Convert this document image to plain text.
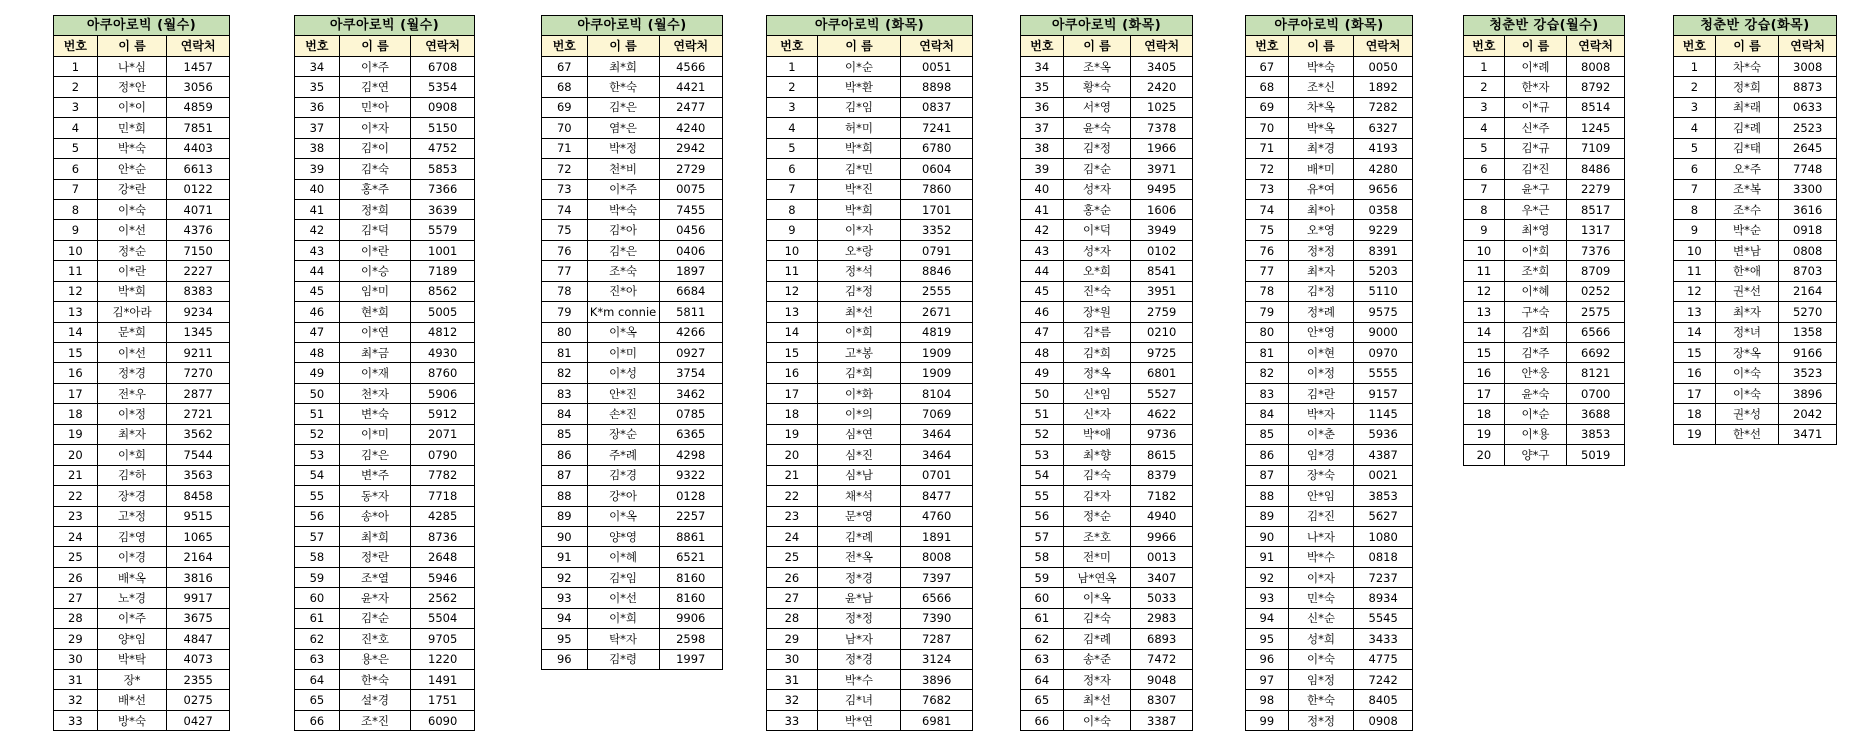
아쿠아로빅 (월수)		
번호	이 름	연락처
1	나*심	1457
2	정*안	3056
3	이*이	4859
4	민*희	7851
5	박*숙	4403
6	안*순	6613
7	강*란	0122
8	이*숙	4071
9	이*선	4376
10	정*순	7150
11	이*란	2227
12	박*희	8383
13	김*아라	9234
14	문*희	1345
15	이*선	9211
16	정*경	7270
17	전*우	2877
18	이*정	2721
19	최*자	3562
20	이*희	7544
21	김*하	3563
22	장*경	8458
23	고*정	9515
24	김*영	1065
25	이*경	2164
26	배*옥	3816
27	노*경	9917
28	이*주	3675
29	양*임	4847
30	박*탁	4073
31	장*	2355
32	배*선	0275
33	방*숙	0427
아쿠아로빅 (월수)		
번호	이 름	연락처
34	이*주	6708
35	김*연	5354
36	민*아	0908
37	이*자	5150
38	김*이	4752
39	김*숙	5853
40	홍*주	7366
41	정*희	3639
42	김*덕	5579
43	이*란	1001
44	이*승	7189
45	임*미	8562
46	현*희	5005
47	이*연	4812
48	최*금	4930
49	이*재	8760
50	천*자	5906
51	변*숙	5912
52	이*미	2071
53	김*은	0790
54	변*주	7782
55	동*자	7718
56	송*아	4285
57	최*희	8736
58	정*란	2648
59	조*열	5946
60	윤*자	2562
61	김*순	5504
62	진*호	9705
63	용*은	1220
64	한*숙	1491
65	설*경	1751
66	조*진	6090
아쿠아로빅 (월수)		
번호	이 름	연락처
67	최*희	4566
68	한*숙	4421
69	김*은	2477
70	염*은	4240
71	박*정	2942
72	천*비	2729
73	이*주	0075
74	박*숙	7455
75	김*아	0456
76	김*은	0406
77	조*숙	1897
78	진*아	6684
79	K*m connie	5811
80	이*옥	4266
81	이*미	0927
82	이*성	3754
83	안*진	3462
84	손*진	0785
85	장*순	6365
86	주*례	4298
87	김*경	9322
88	강*아	0128
89	이*옥	2257
90	양*영	8861
91	이*혜	6521
92	김*임	8160
93	이*선	8160
94	이*희	9906
95	탁*자	2598
96	김*령	1997
아쿠아로빅 (화목)		
번호	이 름	연락처
1	이*순	0051
2	박*환	8898
3	김*임	0837
4	허*미	7241
5	박*희	6780
6	김*민	0604
7	박*진	7860
8	박*희	1701
9	이*자	3352
10	오*랑	0791
11	정*석	8846
12	김*정	2555
13	최*선	2671
14	이*희	4819
15	고*봉	1909
16	김*희	1909
17	이*화	8104
18	이*의	7069
19	심*연	3464
20	심*진	3464
21	심*남	0701
22	채*석	8477
23	문*영	4760
24	김*례	1891
25	전*옥	8008
26	정*경	7397
27	윤*남	6566
28	정*정	7390
29	남*자	7287
30	정*경	3124
31	박*수	3896
32	김*녀	7682
33	박*연	6981
아쿠아로빅 (화목)		
번호	이 름	연락처
34	조*옥	3405
35	황*숙	2420
36	서*영	1025
37	윤*숙	7378
38	김*정	1966
39	김*순	3971
40	성*자	9495
41	홍*순	1606
42	이*덕	3949
43	성*자	0102
44	오*희	8541
45	진*숙	3951
46	장*원	2759
47	김*름	0210
48	김*희	9725
49	정*옥	6801
50	신*임	5527
51	신*자	4622
52	박*애	9736
53	최*향	8615
54	김*숙	8379
55	김*자	7182
56	정*순	4940
57	조*호	9966
58	전*미	0013
59	남*연옥	3407
60	이*옥	5033
61	김*숙	2983
62	김*례	6893
63	송*준	7472
64	정*자	9048
65	최*선	8307
66	이*숙	3387
아쿠아로빅 (화목)		
번호	이 름	연락처
67	박*숙	0050
68	조*신	1892
69	차*옥	7282
70	박*옥	6327
71	최*경	4193
72	배*미	4280
73	유*여	9656
74	최*아	0358
75	오*영	9229
76	정*정	8391
77	최*자	5203
78	김*정	5110
79	정*례	9575
80	안*영	9000
81	이*현	0970
82	이*정	5555
83	김*란	9157
84	박*자	1145
85	이*춘	5936
86	임*경	4387
87	장*숙	0021
88	안*임	3853
89	김*진	5627
90	나*자	1080
91	박*수	0818
92	이*자	7237
93	민*숙	8934
94	신*순	5545
95	성*희	3433
96	이*숙	4775
97	임*정	7242
98	한*숙	8405
99	정*정	0908
청춘반 강습(월수)		
번호	이 름	연락처
1	이*례	8008
2	한*자	8792
3	이*규	8514
4	신*주	1245
5	김*규	7109
6	김*진	8486
7	윤*구	2279
8	우*근	8517
9	최*영	1317
10	이*희	7376
11	조*희	8709
12	이*혜	0252
13	구*숙	2575
14	김*희	6566
15	김*주	6692
16	안*웅	8121
17	윤*숙	0700
18	이*순	3688
19	이*용	3853
20	양*구	5019
청춘반 강습(화목)		
번호	이 름	연락처
1	차*숙	3008
2	정*희	8873
3	최*래	0633
4	김*례	2523
5	김*태	2645
6	오*주	7748
7	조*복	3300
8	조*수	3616
9	박*순	0918
10	변*남	0808
11	한*애	8703
12	권*선	2164
13	최*자	5270
14	정*녀	1358
15	장*옥	9166
16	이*숙	3523
17	이*숙	3896
18	권*성	2042
19	한*선	3471
